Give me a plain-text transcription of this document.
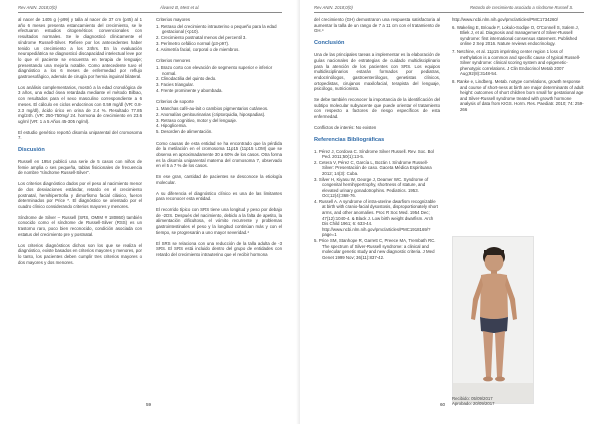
Rev ANIN. 2018;0(0)	Álvarez B, Mest et al.

al nacer de 1405 g (-p99) y talla al nacer de 37 cm (p45) al 1 año 6 meses presenta estancamiento del crecimiento, se le efectuaron estudios citogenéticos convencionales con resultados normales. Se le diagnosticó clínicamente el síndrome Russell-Silver. Refiere por los antecedentes haber tenido un crecimiento a los 24hrs. En la evaluación neuropediátrica se diagnosticó discapacidad intelectual leve por lo que el paciente se encuentra en terapia de lenguaje; presentando una mejoría notable. Como antecedente tuvo el diagnóstico a los 6 meses de enfermedad por reflujo gastroesofágico, además de cirugía por hernia inguinal bilateral.

Los análisis complementarios, mostró a la edad cronológica de 3 años, una edad ósea retardada mediante el método Bilbao, con resultados para el sexo masculino correspondiente a 6 meses. El cálculo en ciclos endocrinos con 0.59 mg/dl (VR: 0.8-2.3 mg/dl), ácido úrico en orina de 2.4 %. Resultado 77.85 mg/24h. (VR: 250-750mg/ 24. hormona de crecimiento en 23.6 ug/ml (VR: 1 a 5 Años 45-305 ng/ml).

El estudio genético reportó disomía uniparental del cromosoma 7.

Discusión

Russell en 1954 publicó una serie de 5 casos con niños de femie amplia o ses pequeña, tablas fisicionales de frecuencia de nombre “síndrome Russell-Silver”.

Los criterios diagnóstico dados por el peso al nacimiento menor de dos desviaciones estándar, retardo en el crecimiento postnatal, hemihipertrofia y dimorfismo facial clásico, fueron determinados por Price *. El diagnóstico se orientado por el cuadro clínico considerando criterios mayores y menores.

Síndrome de Silver – Russell (SRS, OMIM # 180860) también conocido como el síndrome de Russell-Silver (RSS) es un trastorno raro, poco bien reconocido, condición asociada con estatus del crecimiento pre y postnatal.

Los criterios diagnósticos dichos son los que se realiza el diagnóstico, existe basados en criterios mayores y menores, por lo tanto, los pacientes deben cumplir tres criterios mayores o dos mayores y dos menores.

Criterios mayores
1. Retraso del crecimiento intrauterino o pequeño para la edad gestacional (<p10).
2. Crecimiento postnatal menos del percentil 3.
3. Perímetro cefálico normal (p3-p97).
4. Asimetría facial, corporal o de miembros.
Criterios menores
1. Brazo corto con elevación de segmento superior e inferior normal.
2. Clinodactilia del quinto dedo.
3. Facies triangular.
4. Frente prominente y abombada.
Criterios de soporte
1. Manchas café-au-lait o cambios pigmentarios cutáneos.
2. Anomalías genitourinarias (criptorquidia, hipospadias).
3. Retraso cognitivo, motor y del lenguaje.
4. Hipoglicemia.
5. Desorden de alimentación.

Como causas de esta entidad se ha encontrado que la pérdida de la metilación en el cromosoma 11p15 (11p15 LOM) que se observa en aproximadamente 30 a 60% de los casos. Otra forma es la disomía uniparental materna del cromosoma 7, observado en el 5 a 7 % de los casos.

En ese gran, cantidad de pacientes se desconoce la etiología molecular.

A su diferencia el diagnóstico clínico es una de las limitantes para reconocer esta entidad.

El recorrido típico con SRS tiene una longitud y peso por debajo de -2DS. Después del nacimiento, debido a la falta de apetito, la alimentación dificultosa, el vómito recurrente y problemas gastrointestinales el peso y la longitud continúan más y con el tiempo, se progresarán a uno mayor severidad.⁴

El SRS se relaciona con una reducción de la talla adulta de -3 SRS. El SRS está incluido dentro del grupo de entidades con retardo del crecimiento intrauterino que el recibir hormona

59
Rev ANIN. 2018;0(0)	Retardo de crecimiento asociado a síndrome Russell S.

del crecimiento (GH) demostraron una respuesta satisfactoria al aumentar la talla de un rango de 7 a 11 cm con el tratamiento de GH.⁴

Conclusión

Una de las principales tareas a implementar es la elaboración de guías nacionales de estrategias de cuidado multidisciplinario para la atención de los pacientes con SRS. Los equipos multidisciplinarios estarán formados por pediatras, endocrinólogos, gastroenterólogos, genetistas clínicos, ortopedistas, cirujanos maxilofacial, terapista del lenguaje, psicólogo, nutricionista.

Se debe también reconocer la importancia de la identificación del subtipo molecular subyacente que puede orientar el tratamiento con respecto a factores de riesgo específicos de esta enfermedad.

Conflictos de interés: No existen

Referencias Bibliográficas
1. Pérez J, Cordova C. Síndrome Silver Russell. Rev. Soc. Bol Ped. 2011;50(1):13-5.
2. Cetera V, Pérez C, García L, Bozán I. Síndrome Russell-Silver: Presentación de caso. Gaceta Médica Espirituana 2012; 14(3): Cuba.
3. Silver H, Kiyasu W, George J, Deamer WC. Syndrome of congenital hemihypertrophy, shortness of stature, and elevated urinary gonadotrophins. Pediatrics. 1953. Oct;12(4):368-76.
4. Russell A. A syndrome of intra-uterine dwarfism recognizable at birth with cranio-facial dysostosis, disproportionately short arms, and other anomalies. Proc R Soc Med. 1954 Dec; 47(12):1040-4. & Black J. Low birth weight dwarfism. Arch Dis Child 1961; 6: 633-44. http://www.ncbi.nlm.nih.gov/pmc/articles/PMC1918169/?page=1
5. Price SM, Stanhope R, Garrett C, Preece MA, Trembath RC. The spectrum of Silver-Russell syndrome: a clinical and molecular genetic study and new diagnostic criteria. J Med Genet 1999 Nov; 36(11):837-42.
http://www.ncbi.nlm.nih.gov/pmc/articles/PMC1734260/
6. Wakeling E, Brioude F, Lokulo-Sodipe O, O'Connell S, Salem J, Bliek J, et al. Diagnosis and management of Silver-Russell syndrome: first international consensus statement. Published online 2 Sep 2016. Nature reviews endocrinology.
7. Netchine, et al. 11p15 imprinting center region 1 loss of methylation is a common and specific cause of typical Russell-Silver syndrome: clinical scoring system and epigenetic-phenotypic correlations. J Clin Endocrinol Metab 2007 Aug;92(8):3148-54.
8. Ranke e, Lindberg. Metab. notype correlations, growth response and course of short-ness at birth are major determinants of adult height: outcomes of short children born small for gestational age and Silver-Russell syndrome treated with growth hormone analysis of data from KIGS. Horm. Res. Paediatr. 2010; 74: 259-266
60
Recibido: 05/09/2017
Aprobado: 20/09/2017
